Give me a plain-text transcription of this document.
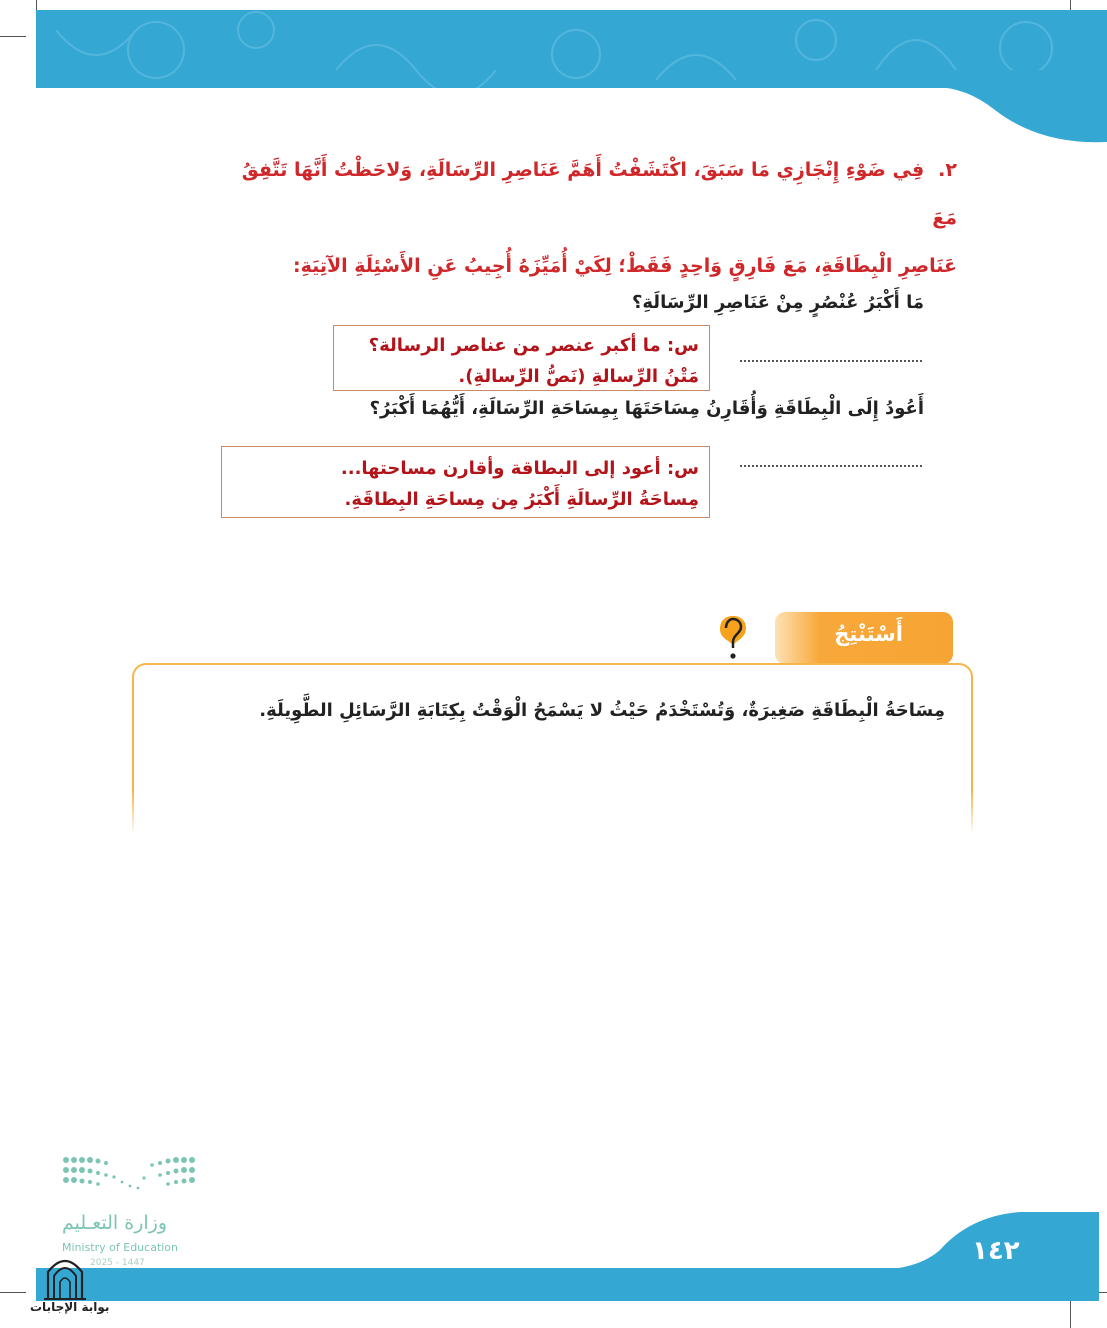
٢.فِي ضَوْءِ إِنْجَازِي مَا سَبَقَ، اكْتَشَفْتُ أَهَمَّ عَنَاصِرِ الرِّسَالَةِ، وَلاحَظْتُ أَنَّهَا تَتَّفِقُ مَعَ
عَنَاصِرِ الْبِطَاقَةِ، مَعَ فَارِقٍ وَاحِدٍ فَقَطْ؛ لِكَيْ أُمَيِّزَهُ أُجِيبُ عَنِ الأَسْئِلَةِ الآتِيَةِ:
مَا أَكْبَرُ عُنْصُرٍ مِنْ عَنَاصِرِ الرِّسَالَةِ؟
س: ما أكبر عنصر من عناصر الرسالة؟
مَتْنُ الرِّسالةِ (نَصُّ الرِّسالةِ).
أَعُودُ إِلَى الْبِطَاقَةِ وَأُقَارِنُ مِسَاحَتَهَا بِمِسَاحَةِ الرِّسَالَةِ، أَيُّهُمَا أَكْبَرُ؟
س: أعود إلى البطاقة وأقارن مساحتها...
مِساحَةُ الرِّسالَةِ أَكْبَرُ مِن مِساحَةِ البِطاقَةِ.
أَسْتَنْتِجُ
مِسَاحَةُ الْبِطَاقَةِ صَغِيرَةٌ، وَتُسْتَخْدَمُ حَيْثُ لا يَسْمَحُ الْوَقْتُ بِكِتَابَةِ الرَّسَائِلِ الطَّوِيلَةِ.
وزارة التعـليم
Ministry of Education
2025 - 1447	١٤٢
بوابة الإجابات
